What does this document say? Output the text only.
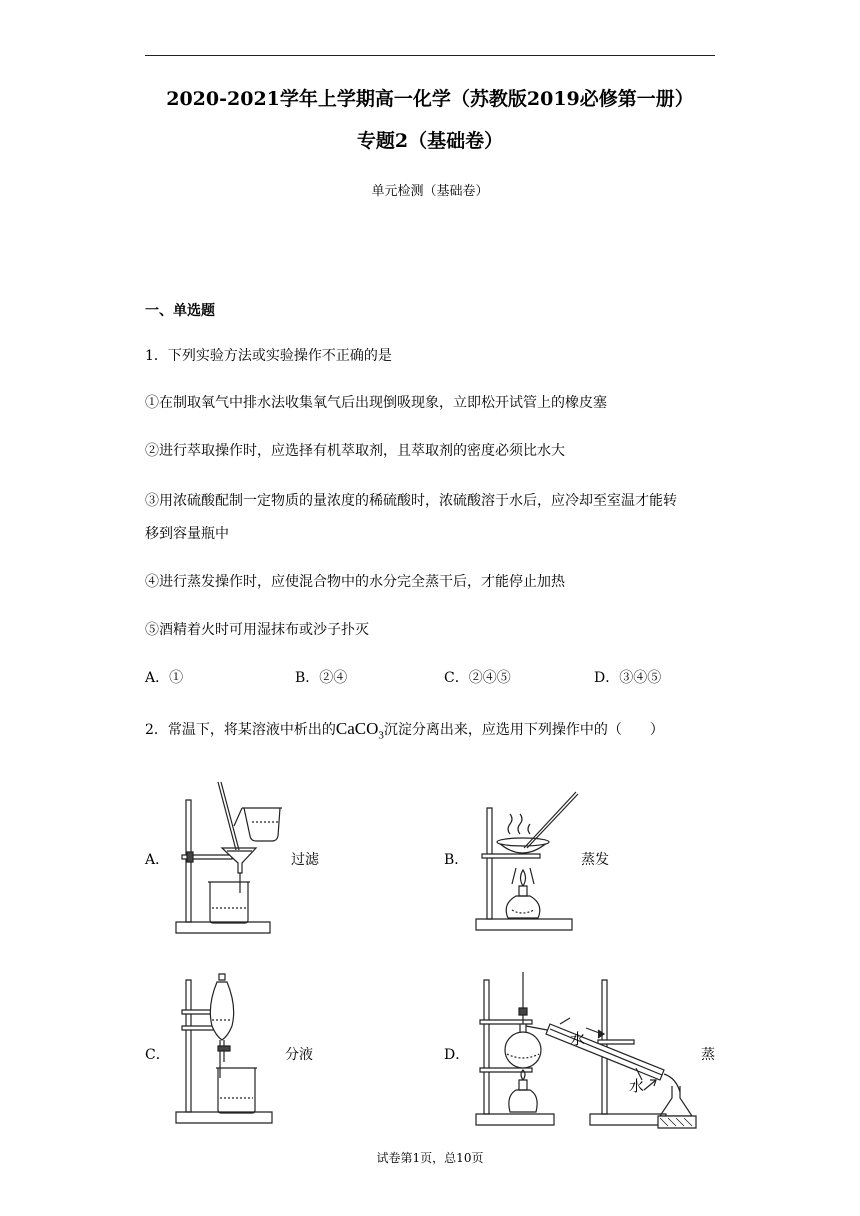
2020-2021学年上学期高一化学（苏教版2019必修第一册）
专题2（基础卷）
单元检测（基础卷）
一、单选题
1．下列实验方法或实验操作不正确的是
①在制取氧气中排水法收集氧气后出现倒吸现象，立即松开试管上的橡皮塞
②进行萃取操作时，应选择有机萃取剂，且萃取剂的密度必须比水大
③用浓硫酸配制一定物质的量浓度的稀硫酸时，浓硫酸溶于水后，应冷却至室温才能转
移到容量瓶中
④进行蒸发操作时，应使混合物中的水分完全蒸干后，才能停止加热
⑤酒精着火时可用湿抹布或沙子扑灭
A．①	B．②④	C．②④⑤	D．③④⑤
2．常温下，将某溶液中析出的CaCO$_3$沉淀分离出来，应选用下列操作中的（　　）
A．	过滤	B．	蒸发
C．	分液	D．
水
水
蒸
试卷第1页，总10页
